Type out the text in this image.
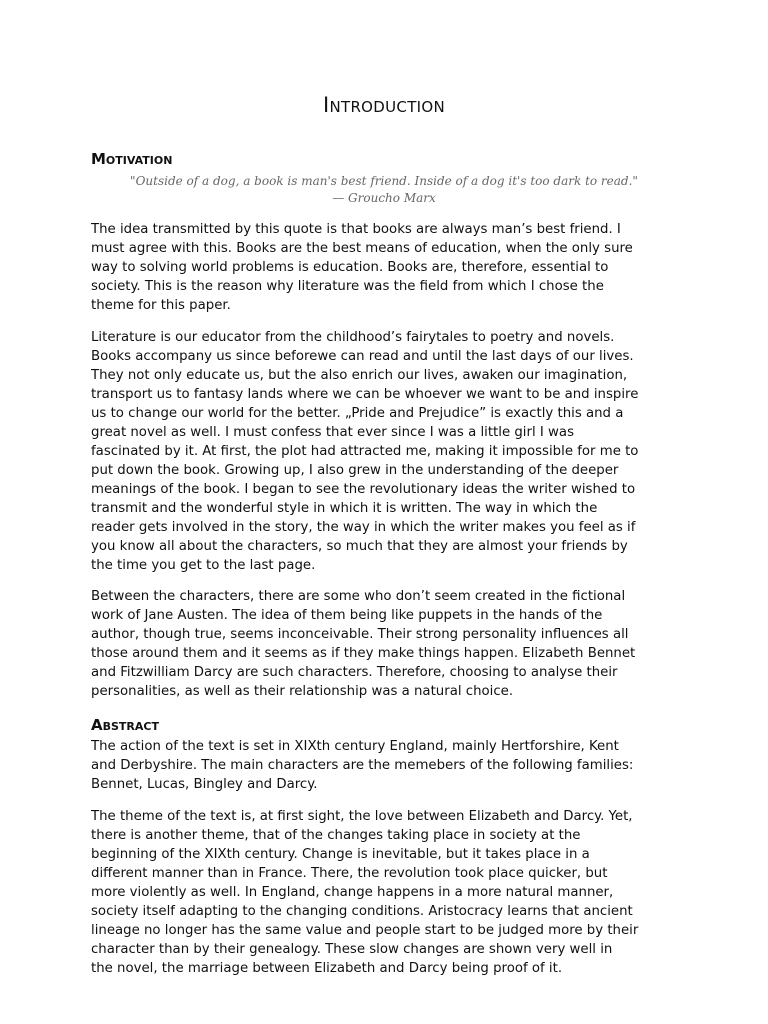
Introduction
Motivation

"Outside of a dog, a book is man's best friend. Inside of a dog it's too dark to read."

— Groucho Marx

The idea transmitted by this quote is that books are always man’s best friend. I
must agree with this. Books are the best means of education, when the only sure
way to solving world problems is education. Books are, therefore, essential to
society. This is the reason why literature was the field from which I chose the
theme for this paper.
Literature is our educator from the childhood’s fairytales to poetry and novels.
Books accompany us since beforewe can read and until the last days of our lives.
They not only educate us, but the also enrich our lives, awaken our imagination,
transport us to fantasy lands where we can be whoever we want to be and inspire
us to change our world for the better. „Pride and Prejudice” is exactly this and a
great novel as well. I must confess that ever since I was a little girl I was
fascinated by it. At first, the plot had attracted me, making it impossible for me to
put down the book. Growing up, I also grew in the understanding of the deeper
meanings of the book. I began to see the revolutionary ideas the writer wished to
transmit and the wonderful style in which it is written. The way in which the
reader gets involved in the story, the way in which the writer makes you feel as if
you know all about the characters, so much that they are almost your friends by
the time you get to the last page.
Between the characters, there are some who don’t seem created in the fictional
work of Jane Austen. The idea of them being like puppets in the hands of the
author, though true, seems inconceivable. Their strong personality influences all
those around them and it seems as if they make things happen. Elizabeth Bennet
and Fitzwilliam Darcy are such characters. Therefore, choosing to analyse their
personalities, as well as their relationship was a natural choice.
Abstract
The action of the text is set in XIXth century England, mainly Hertforshire, Kent
and Derbyshire. The main characters are the memebers of the following families:
Bennet, Lucas, Bingley and Darcy.
The theme of the text is, at first sight, the love between Elizabeth and Darcy. Yet,
there is another theme, that of the changes taking place in society at the
beginning of the XIXth century. Change is inevitable, but it takes place in a
different manner than in France. There, the revolution took place quicker, but
more violently as well. In England, change happens in a more natural manner,
society itself adapting to the changing conditions. Aristocracy learns that ancient
lineage no longer has the same value and people start to be judged more by their
character than by their genealogy. These slow changes are shown very well in
the novel, the marriage between Elizabeth and Darcy being proof of it.
